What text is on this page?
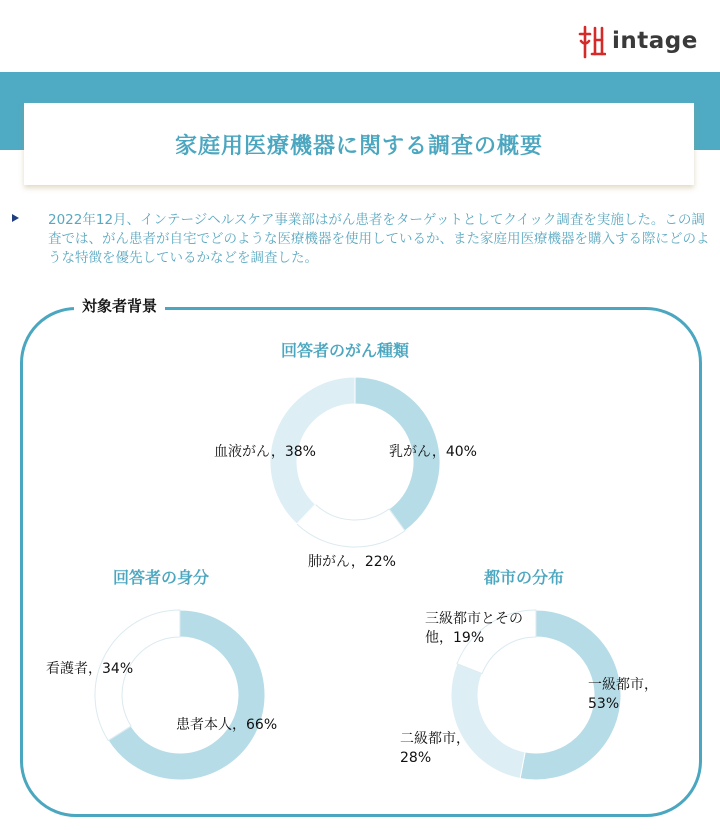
intage
家庭用医療機器に関する調査の概要
2022年12月、インテージヘルスケア事業部はがん患者をターゲットとしてクイック調査を実施した。この調査では、がん患者が自宅でどのような医療機器を使用しているか、また家庭用医療機器を購入する際にどのような特徴を優先しているかなどを調査した。
対象者背景
回答者のがん種類
乳がん，40%
肺がん，22%
血液がん，38%
回答者の身分
患者本人，66%
看護者，34%
都市の分布
一級都市，
53%
二級都市，
28%
三級都市とその
他，19%
